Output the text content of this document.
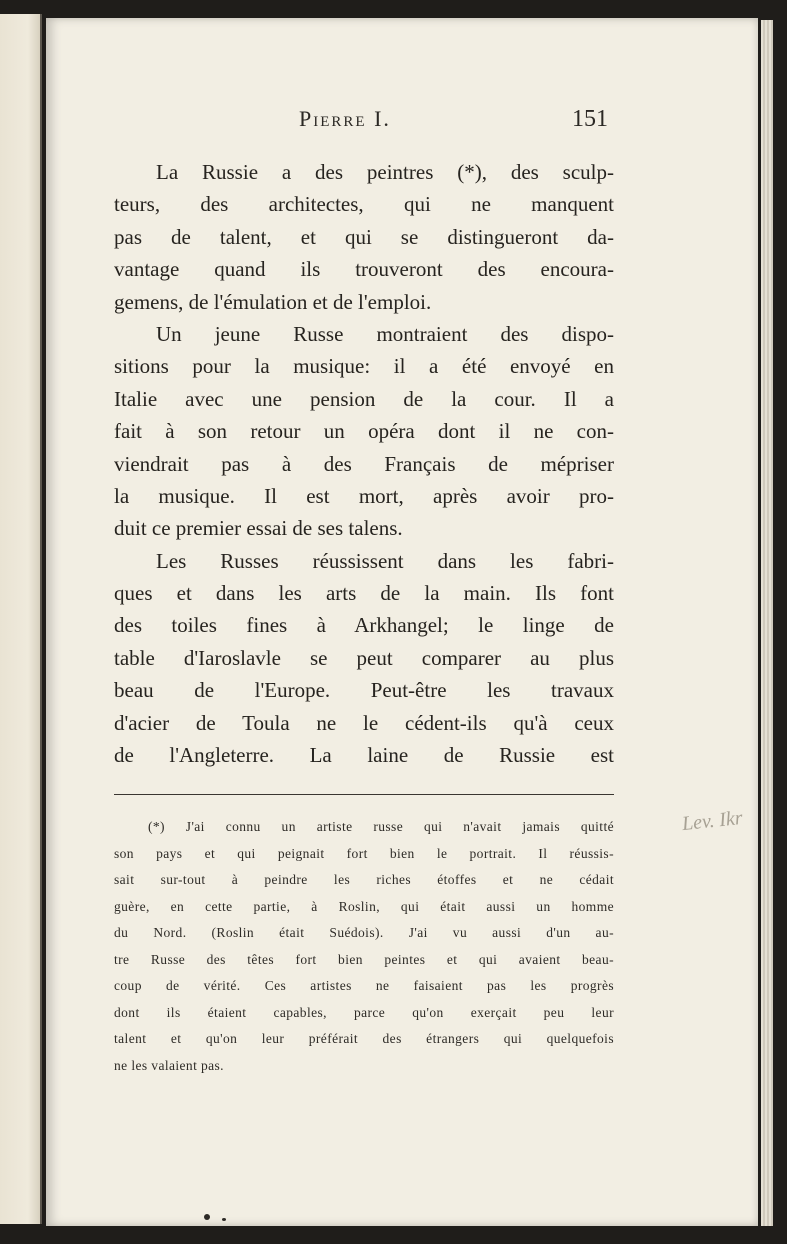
Pierre I.	151
La Russie a des peintres (*), des sculp-
teurs, des architectes, qui ne manquent
pas de talent, et qui se distingueront da-
vantage quand ils trouveront des encoura-
gemens, de l'émulation et de l'emploi.
Un jeune Russe montraient des dispo-
sitions pour la musique: il a été envoyé en
Italie avec une pension de la cour. Il a
fait à son retour un opéra dont il ne con-
viendrait pas à des Français de mépriser
la musique. Il est mort, après avoir pro-
duit ce premier essai de ses talens.
Les Russes réussissent dans les fabri-
ques et dans les arts de la main. Ils font
des toiles fines à Arkhangel; le linge de
table d'Iaroslavle se peut comparer au plus
beau de l'Europe. Peut-être les travaux
d'acier de Toula ne le cédent-ils qu'à ceux
de l'Angleterre. La laine de Russie est
(*) J'ai connu un artiste russe qui n'avait jamais quitté
son pays et qui peignait fort bien le portrait. Il réussis-
sait sur-tout à peindre les riches étoffes et ne cédait
guère, en cette partie, à Roslin, qui était aussi un homme
du Nord. (Roslin était Suédois). J'ai vu aussi d'un au-
tre Russe des têtes fort bien peintes et qui avaient beau-
coup de vérité. Ces artistes ne faisaient pas les progrès
dont ils étaient capables, parce qu'on exerçait peu leur
talent et qu'on leur préférait des étrangers qui quelquefois
ne les valaient pas.
Lev. Ikr
